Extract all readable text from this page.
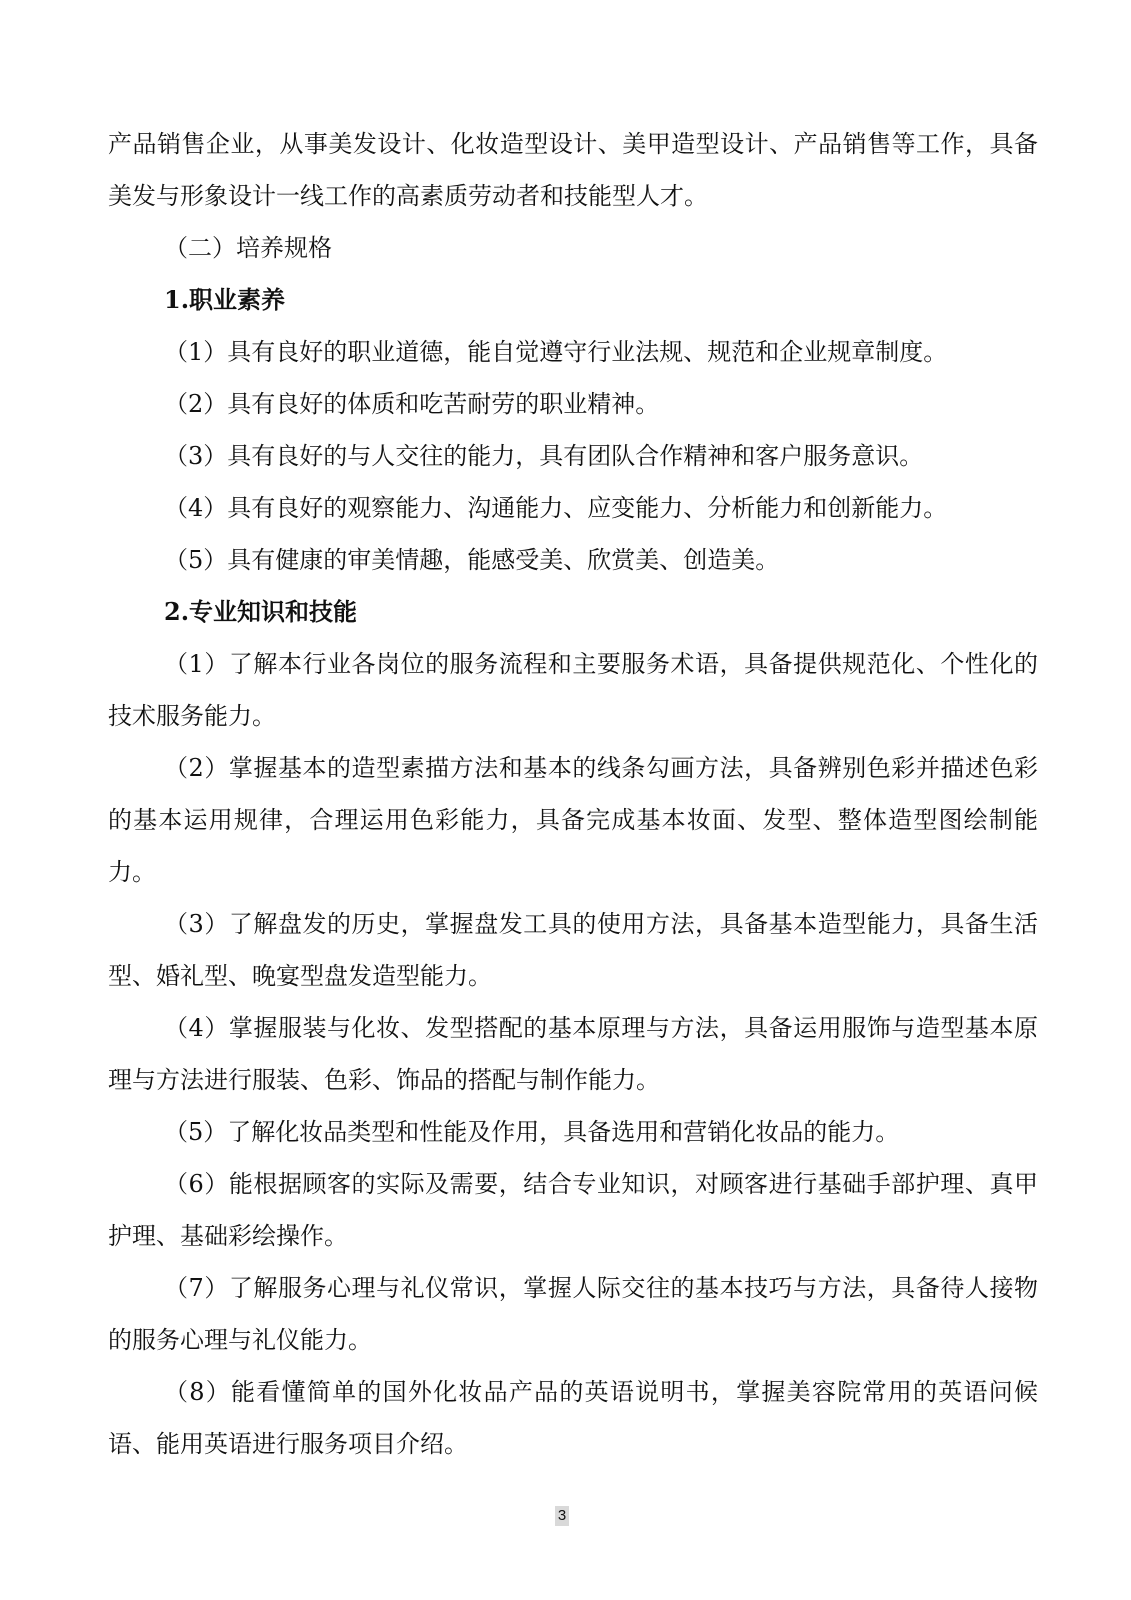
产品销售企业，从事美发设计、化妆造型设计、美甲造型设计、产品销售等工作，具备美发与形象设计一线工作的高素质劳动者和技能型人才。

（二）培养规格

1.职业素养

（1）具有良好的职业道德，能自觉遵守行业法规、规范和企业规章制度。

（2）具有良好的体质和吃苦耐劳的职业精神。

（3）具有良好的与人交往的能力，具有团队合作精神和客户服务意识。

（4）具有良好的观察能力、沟通能力、应变能力、分析能力和创新能力。

（5）具有健康的审美情趣，能感受美、欣赏美、创造美。

2.专业知识和技能

（1）了解本行业各岗位的服务流程和主要服务术语，具备提供规范化、个性化的技术服务能力。

（2）掌握基本的造型素描方法和基本的线条勾画方法，具备辨别色彩并描述色彩的基本运用规律，合理运用色彩能力，具备完成基本妆面、发型、整体造型图绘制能力。

（3）了解盘发的历史，掌握盘发工具的使用方法，具备基本造型能力，具备生活型、婚礼型、晚宴型盘发造型能力。

（4）掌握服装与化妆、发型搭配的基本原理与方法，具备运用服饰与造型基本原理与方法进行服装、色彩、饰品的搭配与制作能力。

（5）了解化妆品类型和性能及作用，具备选用和营销化妆品的能力。

（6）能根据顾客的实际及需要，结合专业知识，对顾客进行基础手部护理、真甲护理、基础彩绘操作。

（7）了解服务心理与礼仪常识，掌握人际交往的基本技巧与方法，具备待人接物的服务心理与礼仪能力。

（8）能看懂简单的国外化妆品产品的英语说明书，掌握美容院常用的英语问候语、能用英语进行服务项目介绍。

3
